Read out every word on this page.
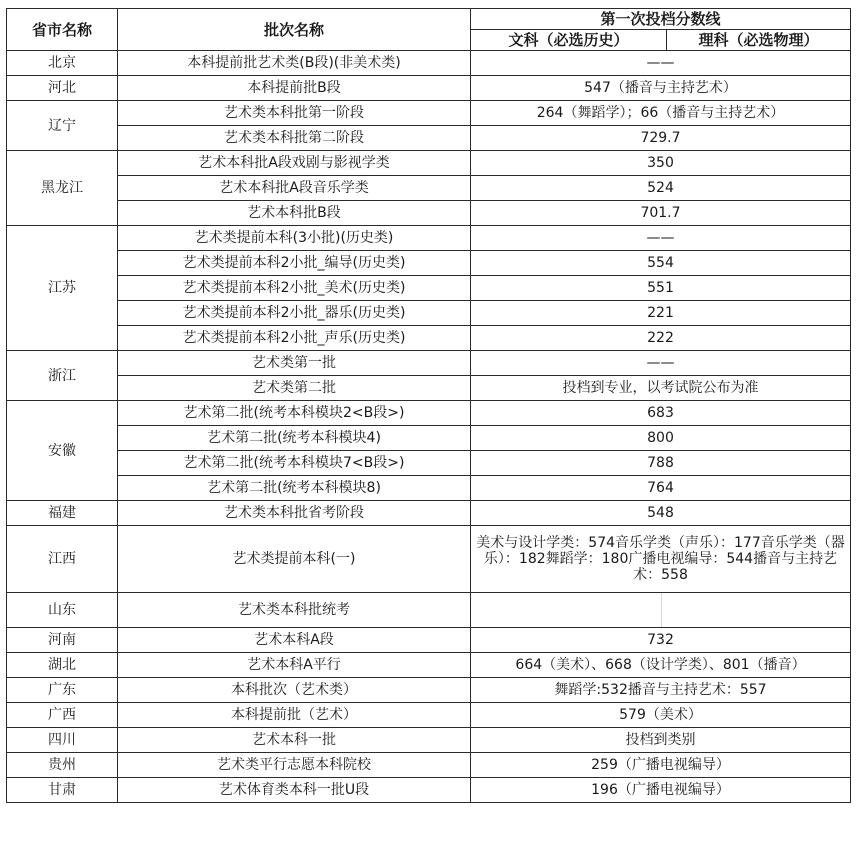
省市名称	批次名称	第一次投档分数线	
		文科（必选历史）	理科（必选物理）
北京	本科提前批艺术类(B段)(非美术类)	——	
河北	本科提前批B段	547（播音与主持艺术）	
辽宁	艺术类本科批第一阶段	264（舞蹈学）；66（播音与主持艺术）	
	艺术类本科批第二阶段	729.7	
黑龙江	艺术本科批A段戏剧与影视学类	350	
	艺术本科批A段音乐学类	524	
	艺术本科批B段	701.7	
江苏	艺术类提前本科(3小批)(历史类)	——	
	艺术类提前本科2小批_编导(历史类)	554	
	艺术类提前本科2小批_美术(历史类)	551	
	艺术类提前本科2小批_器乐(历史类)	221	
	艺术类提前本科2小批_声乐(历史类)	222	
浙江	艺术类第一批	——	
	艺术类第二批	投档到专业，以考试院公布为准	
安徽	艺术第二批(统考本科模块2<B段>)	683	
	艺术第二批(统考本科模块4)	800	
	艺术第二批(统考本科模块7<B段>)	788	
	艺术第二批(统考本科模块8)	764	
福建	艺术类本科批省考阶段	548	
江西	艺术类提前本科(一)	美术与设计学类：574音乐学类（声乐）：177音乐学类（器乐）：182舞蹈学：180广播电视编导：544播音与主持艺术：558	
山东	艺术类本科批统考		

河南	艺术本科A段	732	
湖北	艺术本科A平行	664（美术）、668（设计学类）、801（播音）	
广东	本科批次（艺术类）	舞蹈学:532播音与主持艺术：557	
广西	本科提前批（艺术）	579（美术）	
四川	艺术本科一批	投档到类别	
贵州	艺术类平行志愿本科院校	259（广播电视编导）	
甘肃	艺术体育类本科一批U段	196（广播电视编导）	
